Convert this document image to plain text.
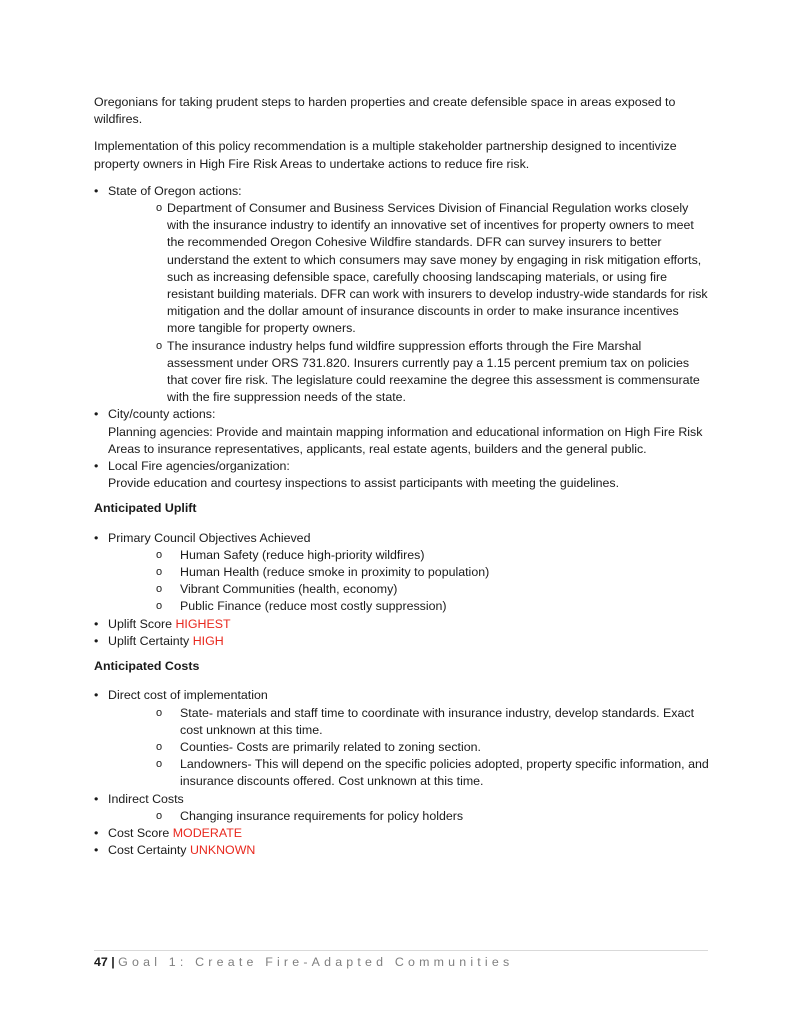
Oregonians for taking prudent steps to harden properties and create defensible space in areas exposed to wildfires.

Implementation of this policy recommendation is a multiple stakeholder partnership designed to incentivize property owners in High Fire Risk Areas to undertake actions to reduce fire risk.

• State of Oregon actions:
o Department of Consumer and Business Services Division of Financial Regulation works closely with the insurance industry to identify an innovative set of incentives for property owners to meet the recommended Oregon Cohesive Wildfire standards. DFR can survey insurers to better understand the extent to which consumers may save money by engaging in risk mitigation efforts, such as increasing defensible space, carefully choosing landscaping materials, or using fire resistant building materials. DFR can work with insurers to develop industry-wide standards for risk mitigation and the dollar amount of insurance discounts in order to make insurance incentives more tangible for property owners.
o The insurance industry helps fund wildfire suppression efforts through the Fire Marshal assessment under ORS 731.820. Insurers currently pay a 1.15 percent premium tax on policies that cover fire risk. The legislature could reexamine the degree this assessment is commensurate with the fire suppression needs of the state.
• City/county actions:
Planning agencies: Provide and maintain mapping information and educational information on High Fire Risk Areas to insurance representatives, applicants, real estate agents, builders and the general public.
• Local Fire agencies/organization:
Provide education and courtesy inspections to assist participants with meeting the guidelines.
Anticipated Uplift
• Primary Council Objectives Achieved
o Human Safety (reduce high-priority wildfires)
o Human Health (reduce smoke in proximity to population)
o Vibrant Communities (health, economy)
o Public Finance (reduce most costly suppression)
• Uplift Score HIGHEST
• Uplift Certainty HIGH
Anticipated Costs
• Direct cost of implementation
o State- materials and staff time to coordinate with insurance industry, develop standards. Exact cost unknown at this time.
o Counties- Costs are primarily related to zoning section.
o Landowners- This will depend on the specific policies adopted, property specific information, and insurance discounts offered. Cost unknown at this time.
• Indirect Costs
o Changing insurance requirements for policy holders
• Cost Score MODERATE
• Cost Certainty UNKNOWN
47 | Goal 1: Create Fire-Adapted Communities
